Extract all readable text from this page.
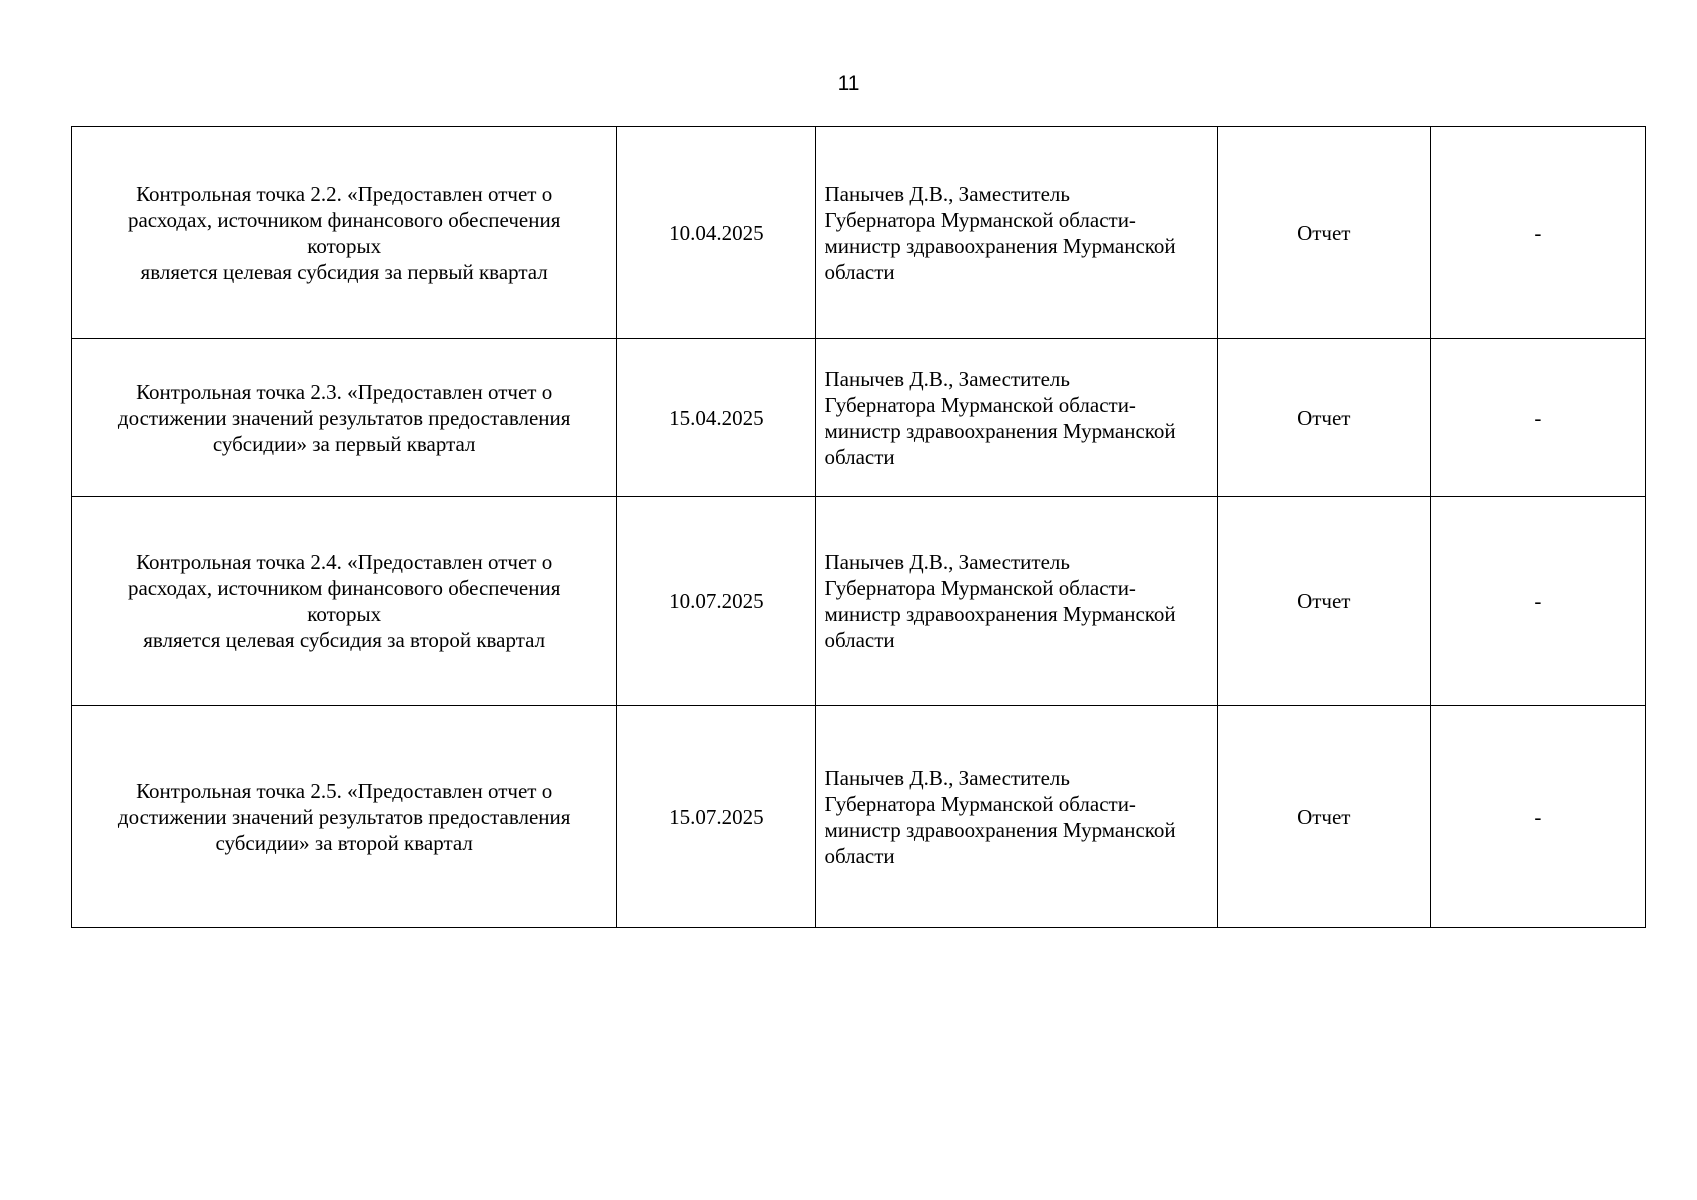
11
Контрольная точка 2.2. «Предоставлен отчет о
расходах, источником финансового обеспечения
которых
является целевая субсидия за первый квартал	10.04.2025	Панычев Д.В., Заместитель
Губернатора Мурманской области-
министр здравоохранения Мурманской
области	Отчет	-

Контрольная точка 2.3. «Предоставлен отчет о
достижении значений результатов предоставления
субсидии» за первый квартал	15.04.2025	Панычев Д.В., Заместитель
Губернатора Мурманской области-
министр здравоохранения Мурманской
области	Отчет	-

Контрольная точка 2.4. «Предоставлен отчет о
расходах, источником финансового обеспечения
которых
является целевая субсидия за второй квартал	10.07.2025	Панычев Д.В., Заместитель
Губернатора Мурманской области-
министр здравоохранения Мурманской
области	Отчет	-

Контрольная точка 2.5. «Предоставлен отчет о
достижении значений результатов предоставления
субсидии» за второй квартал	15.07.2025	Панычев Д.В., Заместитель
Губернатора Мурманской области-
министр здравоохранения Мурманской
области	Отчет	-
